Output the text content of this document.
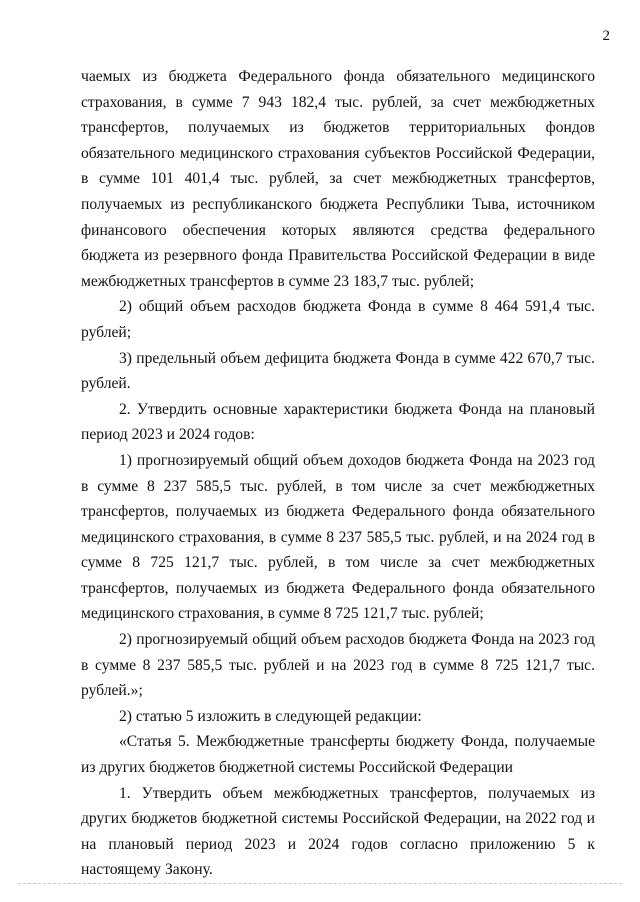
2

чаемых из бюджета Федерального фонда обязательного медицинского страхования, в сумме 7 943 182,4 тыс. рублей, за счет межбюджетных трансфертов, получаемых из бюджетов территориальных фондов обязательного медицинского страхования субъектов Российской Федерации, в сумме 101 401,4 тыс. рублей, за счет межбюджетных трансфертов, получаемых из республиканского бюджета Республики Тыва, источником финансового обеспечения которых являются средства федерального бюджета из резервного фонда Правительства Российской Федерации в виде межбюджетных трансфертов в сумме 23 183,7 тыс. рублей;

2) общий объем расходов бюджета Фонда в сумме 8 464 591,4 тыс. рублей;

3) предельный объем дефицита бюджета Фонда в сумме 422 670,7 тыс. рублей.

2. Утвердить основные характеристики бюджета Фонда на плановый период 2023 и 2024 годов:

1) прогнозируемый общий объем доходов бюджета Фонда на 2023 год в сумме 8 237 585,5 тыс. рублей, в том числе за счет межбюджетных трансфертов, получаемых из бюджета Федерального фонда обязательного медицинского страхования, в сумме 8 237 585,5 тыс. рублей, и на 2024 год в сумме 8 725 121,7 тыс. рублей, в том числе за счет межбюджетных трансфертов, получаемых из бюджета Федерального фонда обязательного медицинского страхования, в сумме 8 725 121,7 тыс. рублей;

2) прогнозируемый общий объем расходов бюджета Фонда на 2023 год в сумме 8 237 585,5 тыс. рублей и на 2023 год в сумме 8 725 121,7 тыс. рублей.»;

2) статью 5 изложить в следующей редакции:

«Статья 5. Межбюджетные трансферты бюджету Фонда, получаемые из других бюджетов бюджетной системы Российской Федерации

1. Утвердить объем межбюджетных трансфертов, получаемых из других бюджетов бюджетной системы Российской Федерации, на 2022 год и на плановый период 2023 и 2024 годов согласно приложению 5 к настоящему Закону.
